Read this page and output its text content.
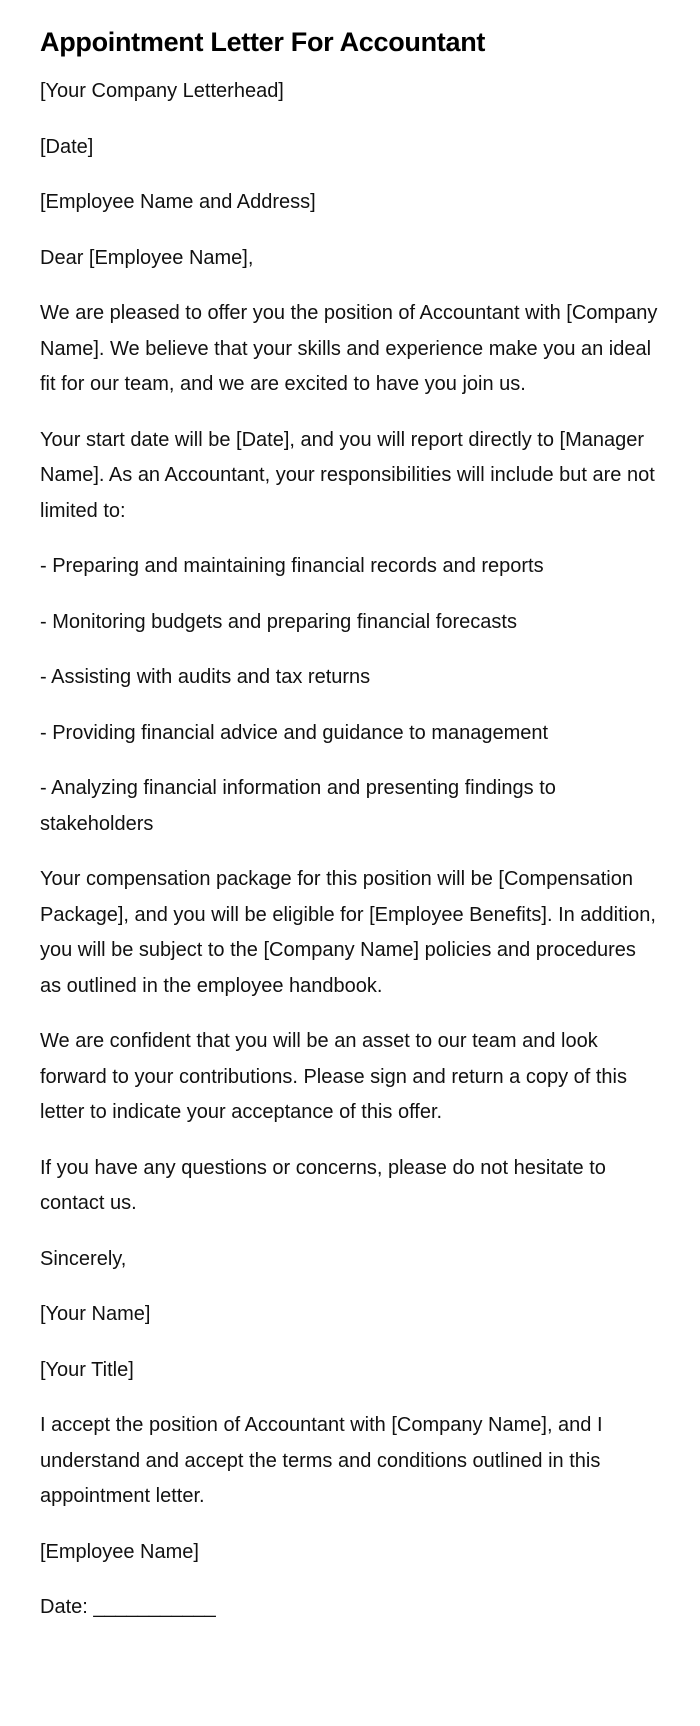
Appointment Letter For Accountant

[Your Company Letterhead]

[Date]

[Employee Name and Address]

Dear [Employee Name],

We are pleased to offer you the position of Accountant with [Company Name]. We believe that your skills and experience make you an ideal fit for our team, and we are excited to have you join us.

Your start date will be [Date], and you will report directly to [Manager Name]. As an Accountant, your responsibilities will include but are not limited to:

- Preparing and maintaining financial records and reports

- Monitoring budgets and preparing financial forecasts

- Assisting with audits and tax returns

- Providing financial advice and guidance to management

- Analyzing financial information and presenting findings to stakeholders

Your compensation package for this position will be [Compensation Package], and you will be eligible for [Employee Benefits]. In addition, you will be subject to the [Company Name] policies and procedures as outlined in the employee handbook.

We are confident that you will be an asset to our team and look forward to your contributions. Please sign and return a copy of this letter to indicate your acceptance of this offer.

If you have any questions or concerns, please do not hesitate to contact us.

Sincerely,

[Your Name]

[Your Title]

I accept the position of Accountant with [Company Name], and I understand and accept the terms and conditions outlined in this appointment letter.

[Employee Name]

Date: ___________
